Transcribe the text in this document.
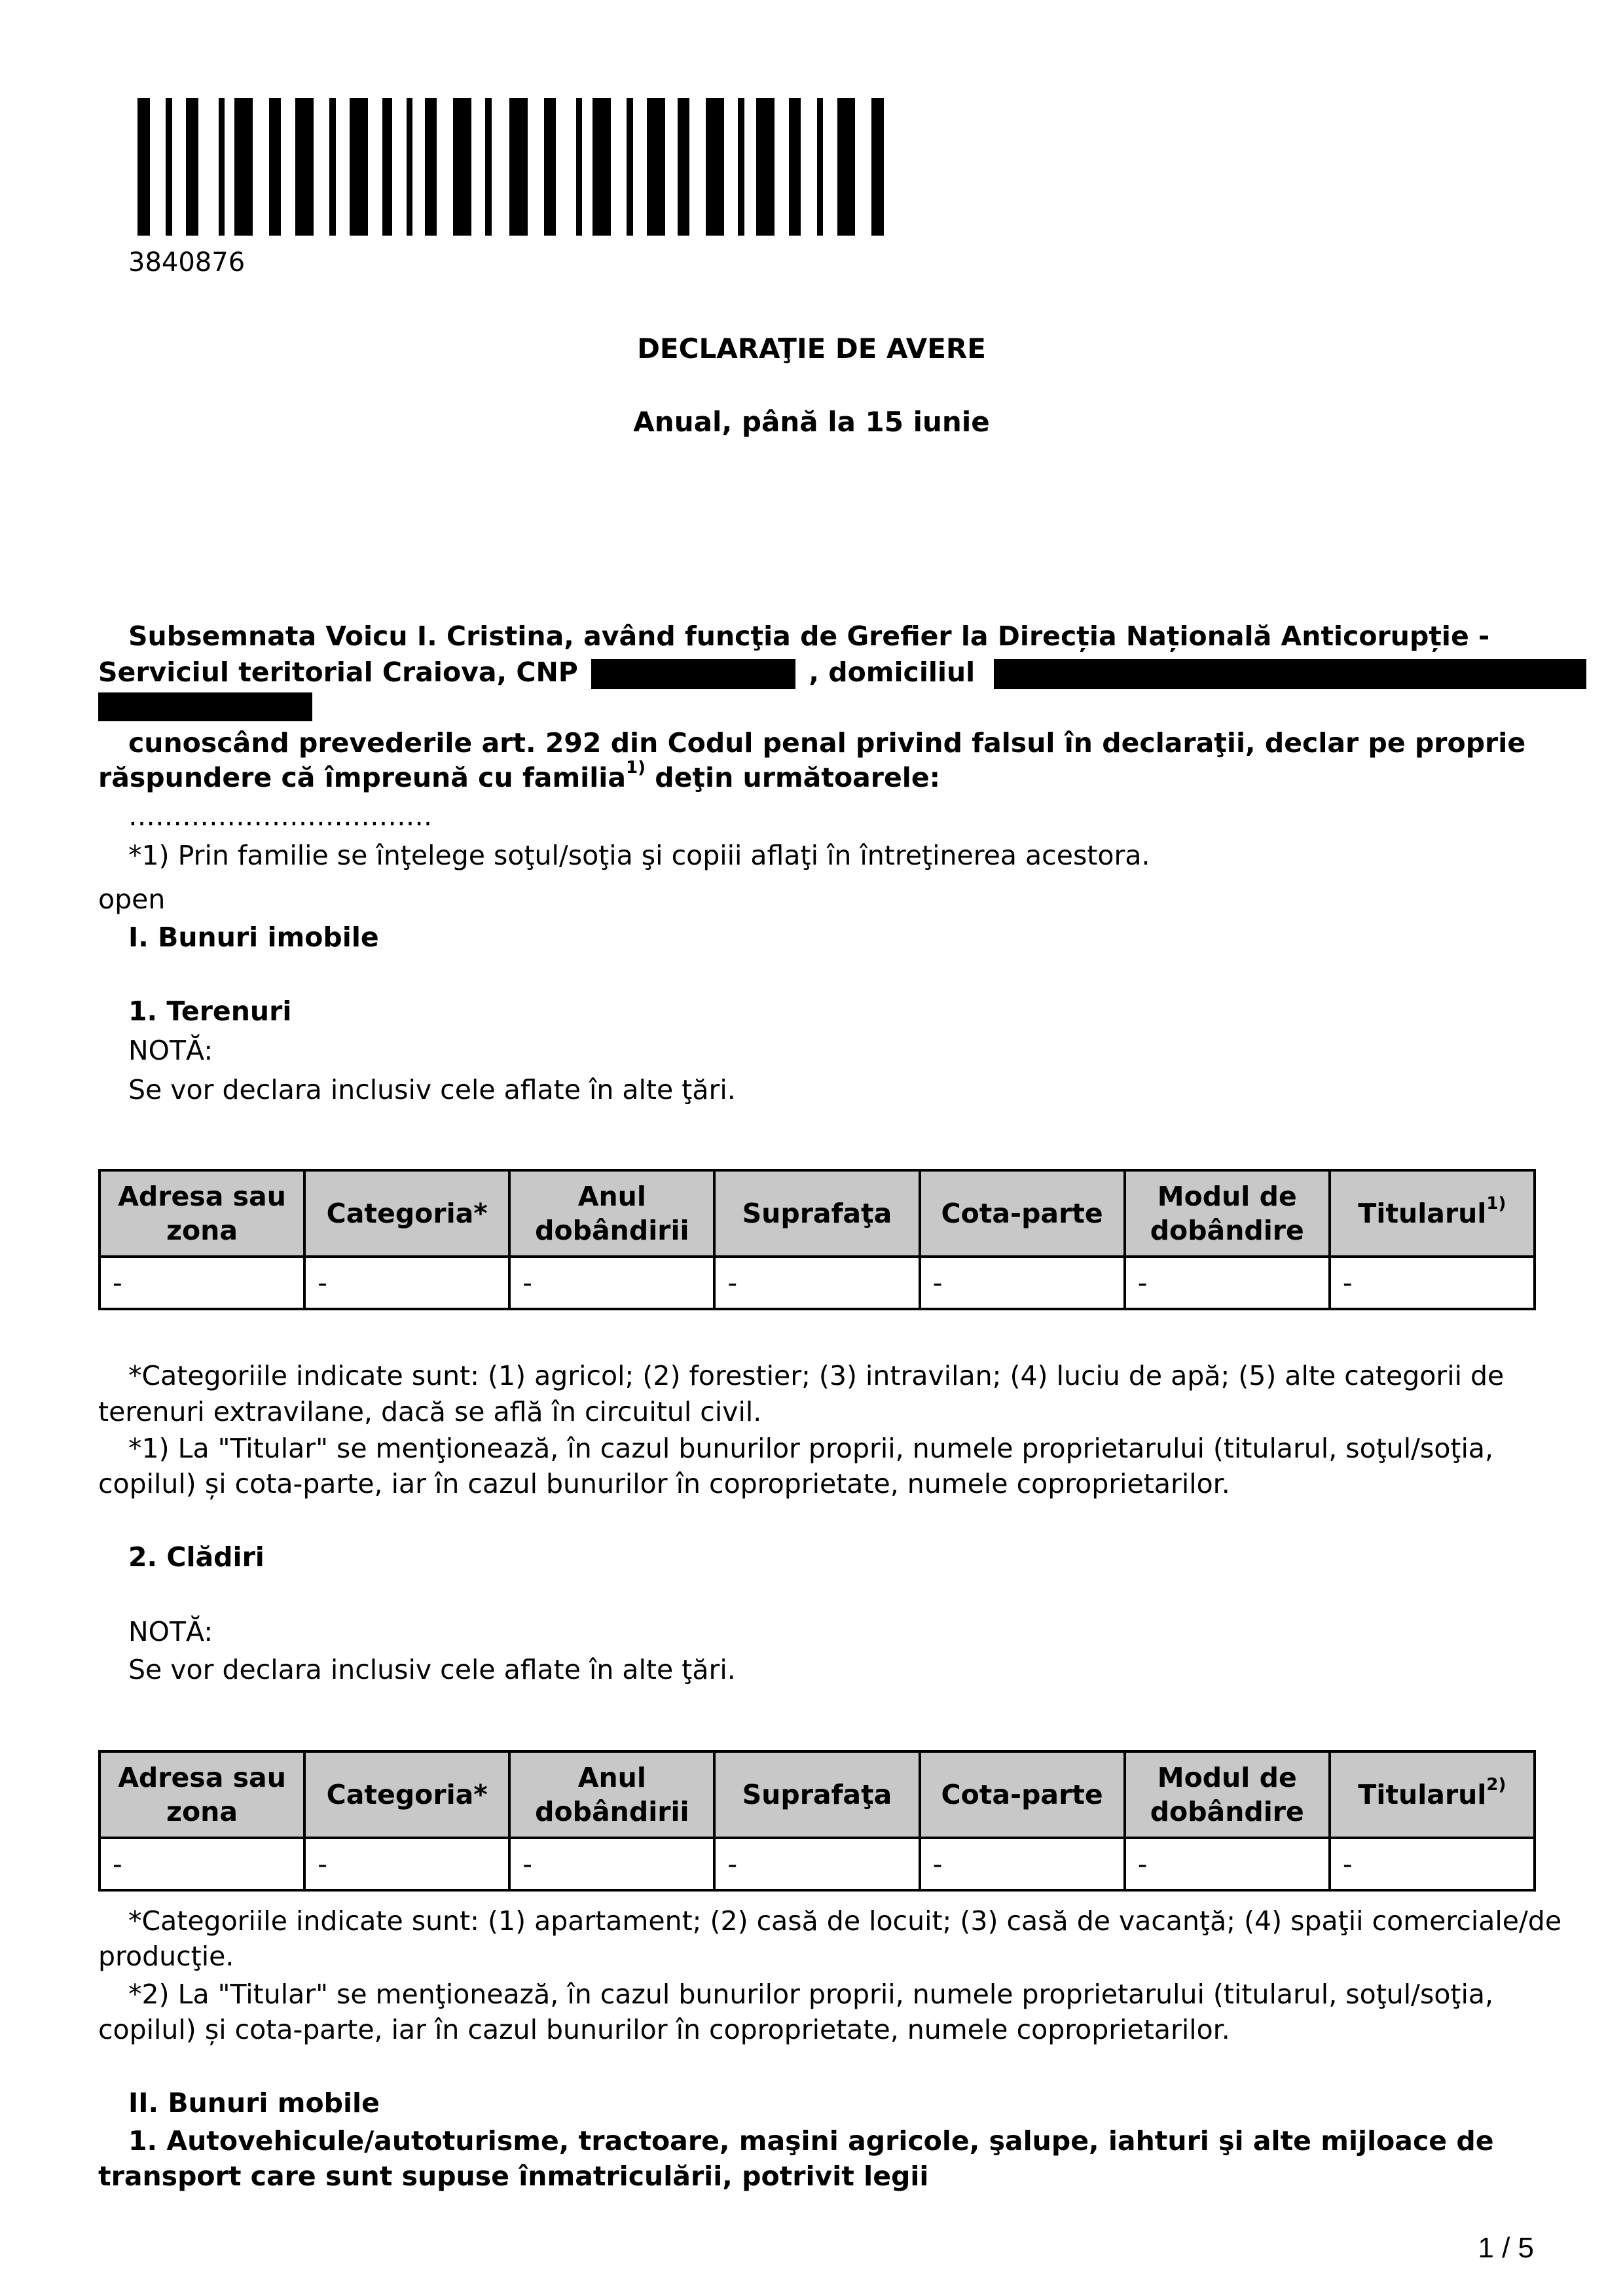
3840876
DECLARAŢIE DE AVERE
Anual, până la 15 iunie
Subsemnata Voicu I. Cristina, având funcţia de Grefier la Direcția Națională Anticorupție -
Serviciul teritorial Craiova, CNP	, domiciliul
cunoscând prevederile art. 292 din Codul penal privind falsul în declaraţii, declar pe proprie
răspundere că împreună cu familia$^{1)}$ deţin următoarele:
…………………………….
*1) Prin familie se înţelege soţul/soţia şi copiii aflaţi în întreţinerea acestora.
open
I. Bunuri imobile
1. Terenuri
NOTĂ:
Se vor declara inclusiv cele aflate în alte ţări.
Adresa sau zona	Categoria*	Anul dobândirii	Suprafaţa	Cota-parte	Modul de dobândire	Titularul$^{1)}$
-	-	-	-	-	-	-
*Categoriile indicate sunt: (1) agricol; (2) forestier; (3) intravilan; (4) luciu de apă; (5) alte categorii de
terenuri extravilane, dacă se află în circuitul civil.
*1) La "Titular" se menţionează, în cazul bunurilor proprii, numele proprietarului (titularul, soţul/soţia,
copilul) și cota-parte, iar în cazul bunurilor în coproprietate, numele coproprietarilor.
2. Clădiri
NOTĂ:
Se vor declara inclusiv cele aflate în alte ţări.
Adresa sau zona	Categoria*	Anul dobândirii	Suprafaţa	Cota-parte	Modul de dobândire	Titularul$^{2)}$
-	-	-	-	-	-	-
*Categoriile indicate sunt: (1) apartament; (2) casă de locuit; (3) casă de vacanţă; (4) spaţii comerciale/de
producţie.
*2) La "Titular" se menţionează, în cazul bunurilor proprii, numele proprietarului (titularul, soţul/soţia,
copilul) și cota-parte, iar în cazul bunurilor în coproprietate, numele coproprietarilor.
II. Bunuri mobile
1. Autovehicule/autoturisme, tractoare, maşini agricole, şalupe, iahturi şi alte mijloace de
transport care sunt supuse înmatriculării, potrivit legii
1 / 5
